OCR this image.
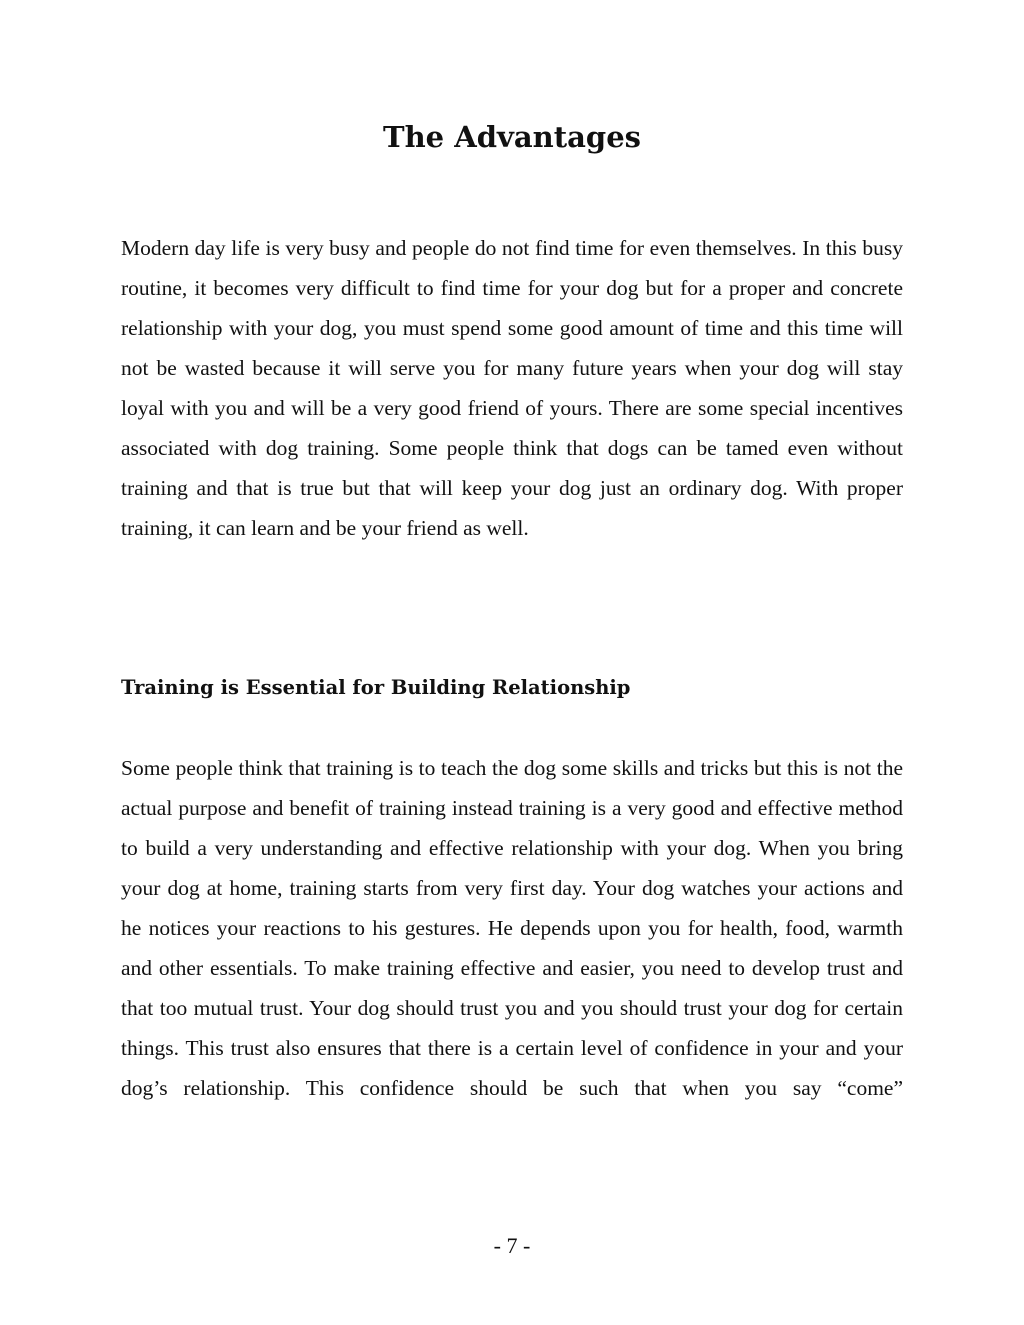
The Advantages

Modern day life is very busy and people do not find time for even themselves. In this busy routine, it becomes very difficult to find time for your dog but for a proper and concrete relationship with your dog, you must spend some good amount of time and this time will not be wasted because it will serve you for many future years when your dog will stay loyal with you and will be a very good friend of yours. There are some special incentives associated with dog training. Some people think that dogs can be tamed even without training and that is true but that will keep your dog just an ordinary dog. With proper training, it can learn and be your friend as well.

Training is Essential for Building Relationship

Some people think that training is to teach the dog some skills and tricks but this is not the actual purpose and benefit of training instead training is a very good and effective method to build a very understanding and effective relationship with your dog. When you bring your dog at home, training starts from very first day. Your dog watches your actions and he notices your reactions to his gestures. He depends upon you for health, food, warmth and other essentials. To make training effective and easier, you need to develop trust and that too mutual trust. Your dog should trust you and you should trust your dog for certain things. This trust also ensures that there is a certain level of confidence in your and your dog’s relationship. This confidence should be such that when you say “come”

- 7 -
